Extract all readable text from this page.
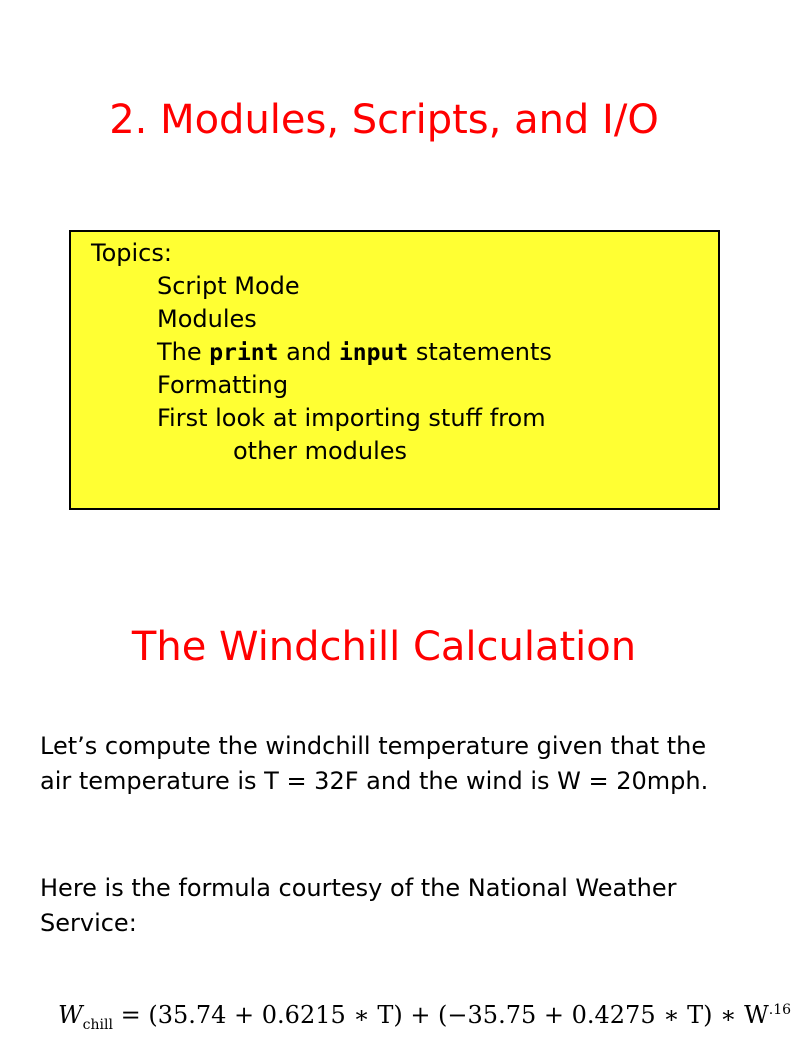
2. Modules, Scripts, and I/O
Topics:
Script Mode
Modules
The print and input statements
Formatting
First look at importing stuff from
other modules
The Windchill Calculation

Let’s compute the windchill temperature given that the air temperature is T = 32F and the wind is W = 20mph.

Here is the formula courtesy of the National Weather Service:

$W_{chill} = (35.74 + 0.6215$ ∗ T) + (−35.75 + 0.4275 ∗ T) ∗ $W^{.16}$
